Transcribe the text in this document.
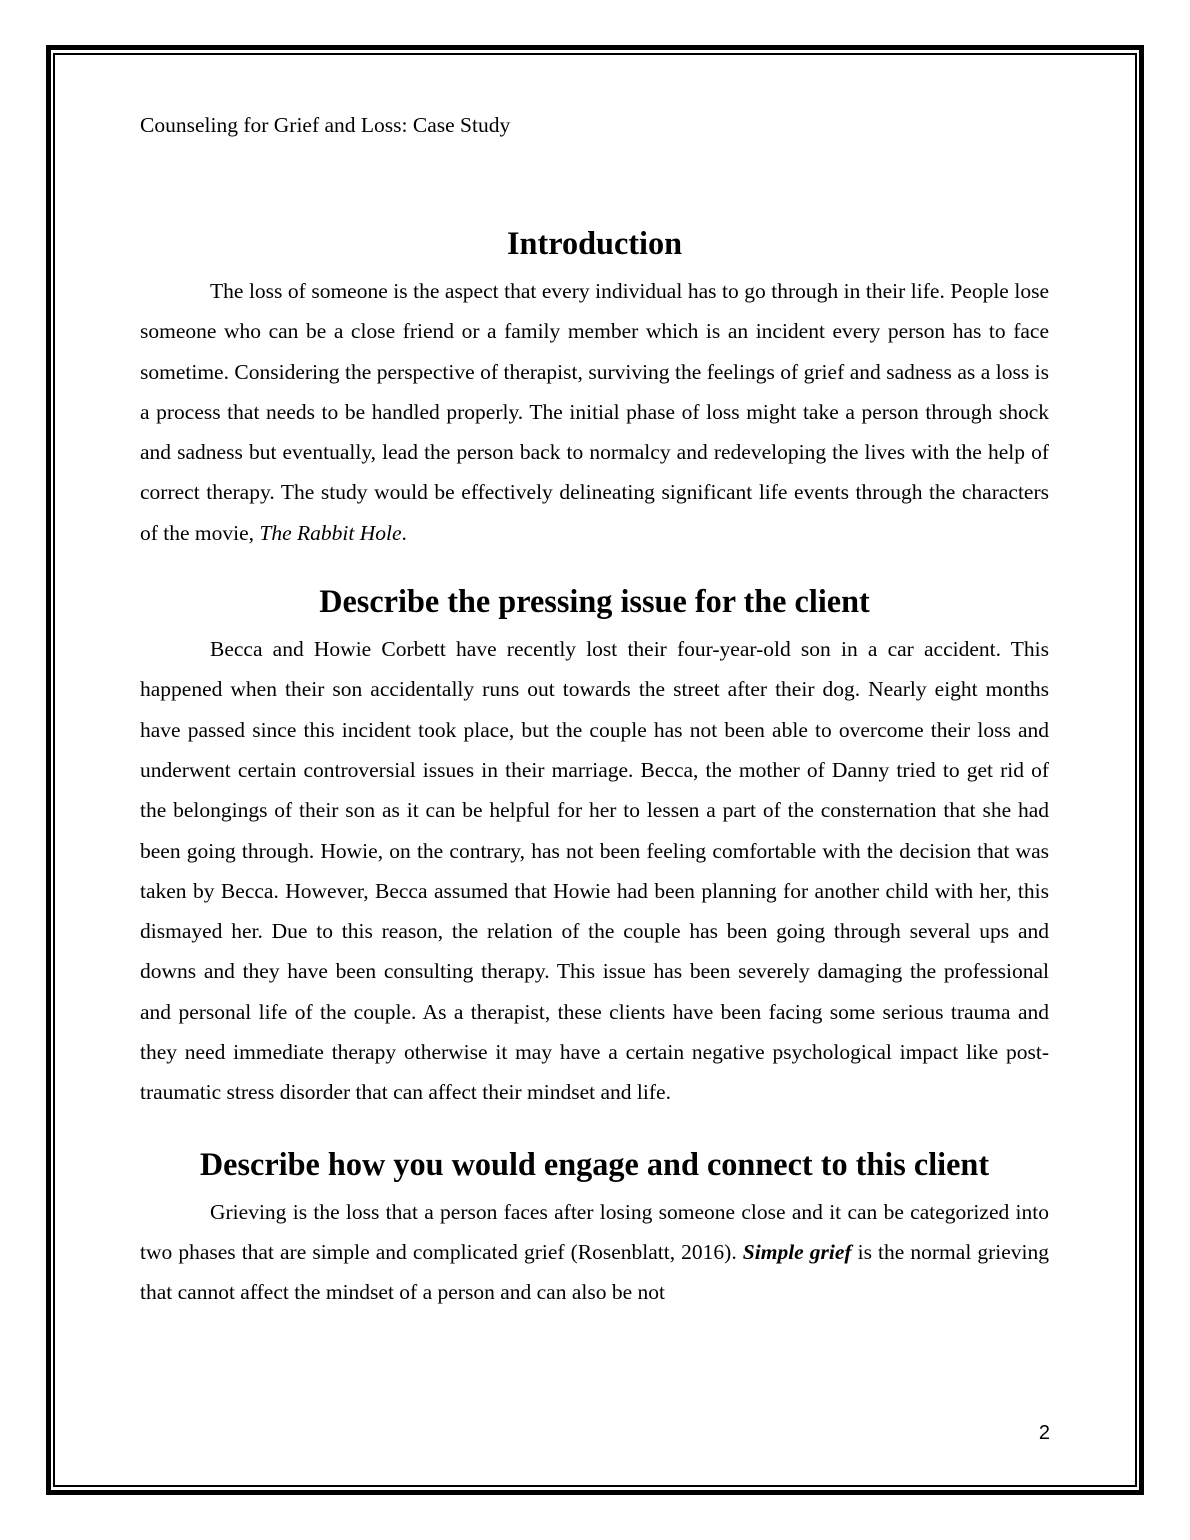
Counseling for Grief and Loss: Case Study
Introduction

The loss of someone is the aspect that every individual has to go through in their life. People lose someone who can be a close friend or a family member which is an incident every person has to face sometime. Considering the perspective of therapist, surviving the feelings of grief and sadness as a loss is a process that needs to be handled properly. The initial phase of loss might take a person through shock and sadness but eventually, lead the person back to normalcy and redeveloping the lives with the help of correct therapy. The study would be effectively delineating significant life events through the characters of the movie, The Rabbit Hole.

Describe the pressing issue for the client

Becca and Howie Corbett have recently lost their four-year-old son in a car accident. This happened when their son accidentally runs out towards the street after their dog. Nearly eight months have passed since this incident took place, but the couple has not been able to overcome their loss and underwent certain controversial issues in their marriage. Becca, the mother of Danny tried to get rid of the belongings of their son as it can be helpful for her to lessen a part of the consternation that she had been going through. Howie, on the contrary, has not been feeling comfortable with the decision that was taken by Becca. However, Becca assumed that Howie had been planning for another child with her, this dismayed her. Due to this reason, the relation of the couple has been going through several ups and downs and they have been consulting therapy. This issue has been severely damaging the professional and personal life of the couple. As a therapist, these clients have been facing some serious trauma and they need immediate therapy otherwise it may have a certain negative psychological impact like post-traumatic stress disorder that can affect their mindset and life.

Describe how you would engage and connect to this client

Grieving is the loss that a person faces after losing someone close and it can be categorized into two phases that are simple and complicated grief (Rosenblatt, 2016). Simple grief is the normal grieving that cannot affect the mindset of a person and can also be not

2
